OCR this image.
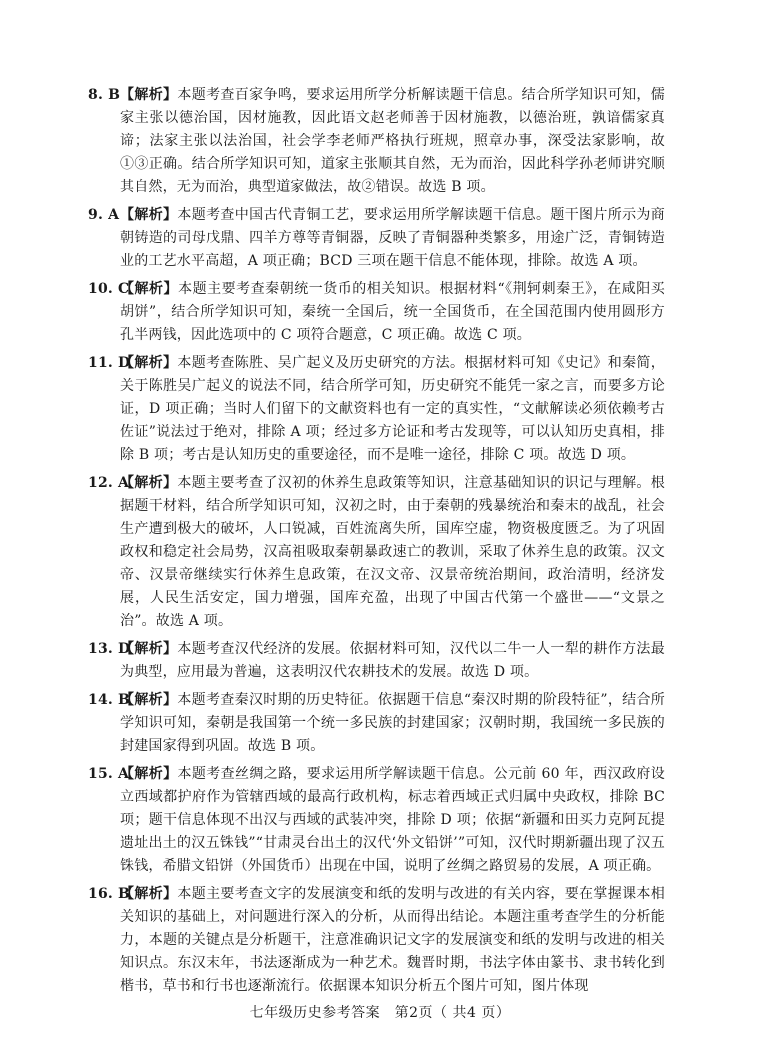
8. B 【解析】本题考查百家争鸣，要求运用所学分析解读题干信息。结合所学知识可知，儒家主张以德治国，因材施教，因此语文赵老师善于因材施教，以德治班，孰谙儒家真谛；法家主张以法治国，社会学李老师严格执行班规，照章办事，深受法家影响，故①③正确。结合所学知识可知，道家主张顺其自然，无为而治，因此科学孙老师讲究顺其自然，无为而治，典型道家做法，故②错误。故选 B 项。
9. A 【解析】本题考查中国古代青铜工艺，要求运用所学解读题干信息。题干图片所示为商朝铸造的司母戊鼎、四羊方尊等青铜器，反映了青铜器种类繁多，用途广泛，青铜铸造业的工艺水平高超，A 项正确；BCD 三项在题干信息不能体现，排除。故选 A 项。
10. C
【解析】本题主要考查秦朝统一货币的相关知识。根据材料“《荆轲刺秦王》，在咸阳买胡饼”，结合所学知识可知，秦统一全国后，统一全国货币，在全国范围内使用圆形方孔半两钱，因此选项中的 C 项符合题意，C 项正确。故选 C 项。
11. D
【解析】本题考查陈胜、吴广起义及历史研究的方法。根据材料可知《史记》和秦简，关于陈胜吴广起义的说法不同，结合所学可知，历史研究不能凭一家之言，而要多方论证，D 项正确；当时人们留下的文献资料也有一定的真实性，“文献解读必须依赖考古佐证”说法过于绝对，排除 A 项；经过多方论证和考古发现等，可以认知历史真相，排除 B 项；考古是认知历史的重要途径，而不是唯一途径，排除 C 项。故选 D 项。
12. A
【解析】本题主要考查了汉初的休养生息政策等知识，注意基础知识的识记与理解。根据题干材料，结合所学知识可知，汉初之时，由于秦朝的残暴统治和秦末的战乱，社会生产遭到极大的破坏，人口锐减，百姓流离失所，国库空虚，物资极度匮乏。为了巩固政权和稳定社会局势，汉高祖吸取秦朝暴政速亡的教训，采取了休养生息的政策。汉文帝、汉景帝继续实行休养生息政策，在汉文帝、汉景帝统治期间，政治清明，经济发展，人民生活安定，国力增强，国库充盈，出现了中国古代第一个盛世——“文景之治”。故选 A 项。
13. D
【解析】本题考查汉代经济的发展。依据材料可知，汉代以二牛一人一犁的耕作方法最为典型，应用最为普遍，这表明汉代农耕技术的发展。故选 D 项。
14. B
【解析】本题考查秦汉时期的历史特征。依据题干信息“秦汉时期的阶段特征”，结合所学知识可知，秦朝是我国第一个统一多民族的封建国家；汉朝时期，我国统一多民族的封建国家得到巩固。故选 B 项。
15. A
【解析】本题考查丝绸之路，要求运用所学解读题干信息。公元前 60 年，西汉政府设立西域都护府作为管辖西域的最高行政机构，标志着西域正式归属中央政权，排除 BC 项；题干信息体现不出汉与西域的武装冲突，排除 D 项；依据“新疆和田买力克阿瓦提遗址出土的汉五铢钱”“甘肃灵台出土的汉代‘外文铅饼’”可知，汉代时期新疆出现了汉五铢钱，希腊文铅饼（外国货币）出现在中国，说明了丝绸之路贸易的发展，A 项正确。
16. B
【解析】本题主要考查文字的发展演变和纸的发明与改进的有关内容，要在掌握课本相关知识的基础上，对问题进行深入的分析，从而得出结论。本题注重考查学生的分析能力，本题的关键点是分析题干，注意准确识记文字的发展演变和纸的发明与改进的相关知识点。东汉末年，书法逐渐成为一种艺术。魏晋时期，书法字体由篆书、隶书转化到楷书，草书和行书也逐渐流行。依据课本知识分析五个图片可知，图片体现
七年级历史参考答案　第2页（ 共4 页）
